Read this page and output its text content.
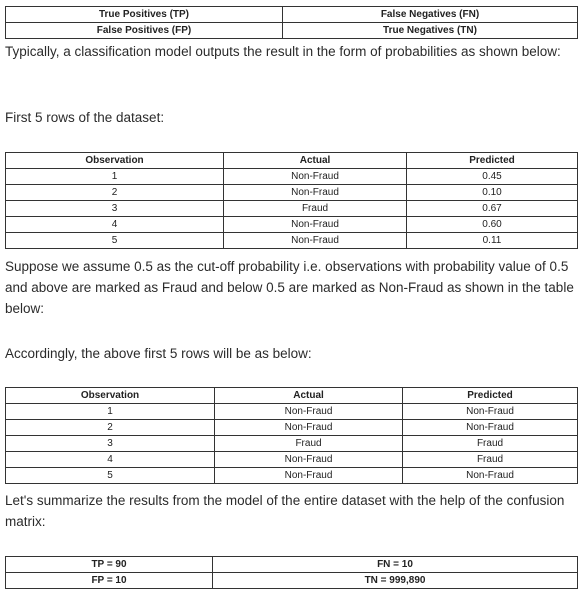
True Positives (TP)	False Negatives (FN)
False Positives (FP)	True Negatives (TN)

Typically, a classification model outputs the result in the form of probabilities as shown below:

First 5 rows of the dataset:

Observation	Actual	Predicted
1	Non-Fraud	0.45
2	Non-Fraud	0.10
3	Fraud	0.67
4	Non-Fraud	0.60
5	Non-Fraud	0.11

Suppose we assume 0.5 as the cut-off probability i.e. observations with probability value of 0.5 and above are marked as Fraud and below 0.5 are marked as Non-Fraud as shown in the table below:

Accordingly, the above first 5 rows will be as below:

Observation	Actual	Predicted
1	Non-Fraud	Non-Fraud
2	Non-Fraud	Non-Fraud
3	Fraud	Fraud
4	Non-Fraud	Fraud
5	Non-Fraud	Non-Fraud

Let's summarize the results from the model of the entire dataset with the help of the confusion matrix:

TP = 90	FN = 10
FP = 10	TN = 999,890
